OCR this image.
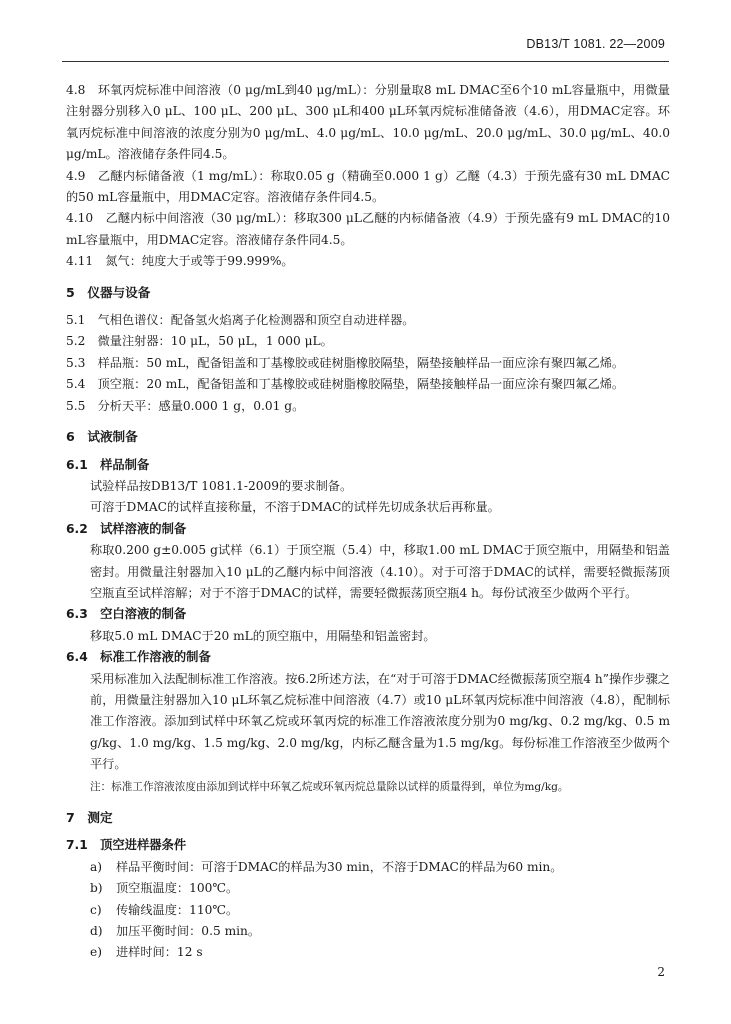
DB13/T 1081. 22—2009
4.8　环氧丙烷标准中间溶液（0 μg/mL到40 μg/mL）：分别量取8 mL DMAC至6个10 mL容量瓶中，用微量注射器分别移入0 μL、100 μL、200 μL、300 μL和400 μL环氧丙烷标准储备液（4.6），用DMAC定容。环氧丙烷标准中间溶液的浓度分别为0 μg/mL、4.0 μg/mL、10.0 μg/mL、20.0 μg/mL、30.0 μg/mL、40.0 μg/mL。溶液储存条件同4.5。
4.9　乙醚内标储备液（1 mg/mL）：称取0.05 g（精确至0.000 1 g）乙醚（4.3）于预先盛有30 mL DMAC的50 mL容量瓶中，用DMAC定容。溶液储存条件同4.5。
4.10　乙醚内标中间溶液（30 μg/mL）：移取300 μL乙醚的内标储备液（4.9）于预先盛有9 mL DMAC的10 mL容量瓶中，用DMAC定容。溶液储存条件同4.5。
4.11　氮气：纯度大于或等于99.999%。
5　仪器与设备
5.1　气相色谱仪：配备氢火焰离子化检测器和顶空自动进样器。
5.2　微量注射器：10 μL，50 μL，1 000 μL。
5.3　样品瓶：50 mL，配备铝盖和丁基橡胶或硅树脂橡胶隔垫，隔垫接触样品一面应涂有聚四氟乙烯。
5.4　顶空瓶：20 mL，配备铝盖和丁基橡胶或硅树脂橡胶隔垫，隔垫接触样品一面应涂有聚四氟乙烯。
5.5　分析天平：感量0.000 1 g，0.01 g。
6　试液制备
6.1　样品制备
试验样品按DB13/T 1081.1-2009的要求制备。
可溶于DMAC的试样直接称量，不溶于DMAC的试样先切成条状后再称量。
6.2　试样溶液的制备
称取0.200 g±0.005 g试样（6.1）于顶空瓶（5.4）中，移取1.00 mL DMAC于顶空瓶中，用隔垫和铝盖密封。用微量注射器加入10 μL的乙醚内标中间溶液（4.10）。对于可溶于DMAC的试样，需要轻微振荡顶空瓶直至试样溶解；对于不溶于DMAC的试样，需要轻微振荡顶空瓶4 h。每份试液至少做两个平行。
6.3　空白溶液的制备
移取5.0 mL DMAC于20 mL的顶空瓶中，用隔垫和铝盖密封。
6.4　标准工作溶液的制备
采用标准加入法配制标准工作溶液。按6.2所述方法，在“对于可溶于DMAC经微振荡顶空瓶4 h”操作步骤之前，用微量注射器加入10 μL环氧乙烷标准中间溶液（4.7）或10 μL环氧丙烷标准中间溶液（4.8），配制标准工作溶液。添加到试样中环氧乙烷或环氧丙烷的标准工作溶液浓度分别为0 mg/kg、0.2 mg/kg、0.5 mg/kg、1.0 mg/kg、1.5 mg/kg、2.0 mg/kg，内标乙醚含量为1.5 mg/kg。每份标准工作溶液至少做两个平行。
注：标准工作溶液浓度由添加到试样中环氧乙烷或环氧丙烷总量除以试样的质量得到，单位为mg/kg。
7　测定
7.1　顶空进样器条件
a) 样品平衡时间：可溶于DMAC的样品为30 min，不溶于DMAC的样品为60 min。
b) 顶空瓶温度：100℃。
c) 传输线温度：110℃。
d) 加压平衡时间：0.5 min。
e) 进样时间：12 s
2
